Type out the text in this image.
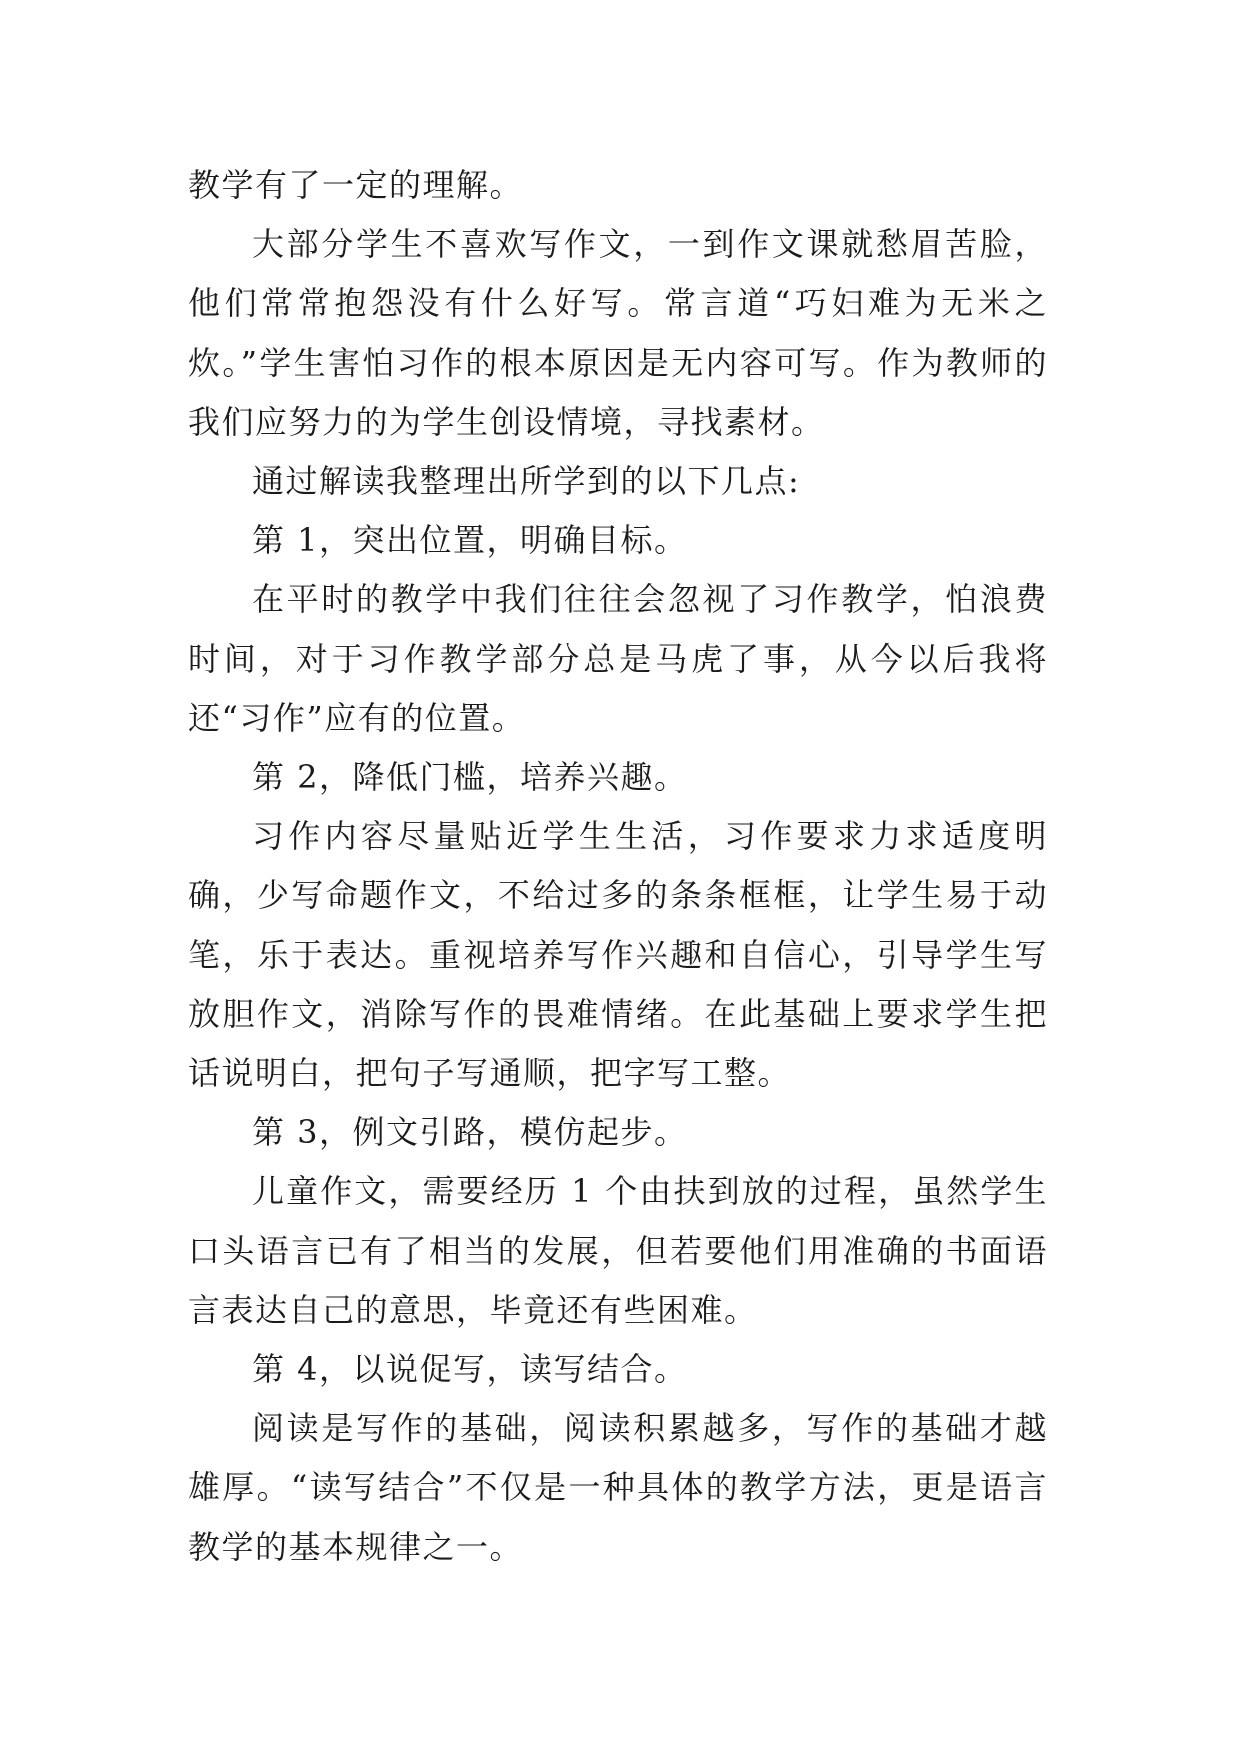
教学有了一定的理解。

大部分学生不喜欢写作文，一到作文课就愁眉苦脸，他们常常抱怨没有什么好写。常言道“巧妇难为无米之炊。”学生害怕习作的根本原因是无内容可写。作为教师的我们应努力的为学生创设情境，寻找素材。

通过解读我整理出所学到的以下几点:

第 1，突出位置，明确目标。

在平时的教学中我们往往会忽视了习作教学，怕浪费时间，对于习作教学部分总是马虎了事，从今以后我将还“习作”应有的位置。

第 2，降低门槛，培养兴趣。

习作内容尽量贴近学生生活，习作要求力求适度明确，少写命题作文，不给过多的条条框框，让学生易于动笔，乐于表达。重视培养写作兴趣和自信心，引导学生写放胆作文，消除写作的畏难情绪。在此基础上要求学生把话说明白，把句子写通顺，把字写工整。

第 3，例文引路，模仿起步。

儿童作文，需要经历 1 个由扶到放的过程，虽然学生口头语言已有了相当的发展，但若要他们用准确的书面语言表达自己的意思，毕竟还有些困难。

第 4，以说促写，读写结合。

阅读是写作的基础，阅读积累越多，写作的基础才越雄厚。“读写结合”不仅是一种具体的教学方法，更是语言教学的基本规律之一。
